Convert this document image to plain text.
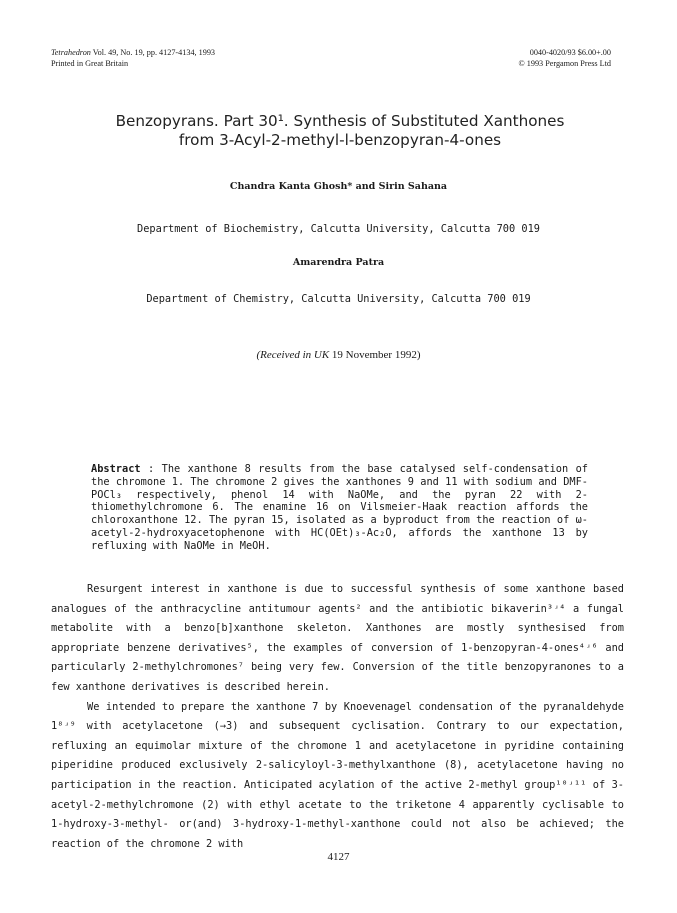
Tetrahedron Vol. 49, No. 19, pp. 4127-4134, 1993
Printed in Great Britain
0040-4020/93 $6.00+.00
© 1993 Pergamon Press Ltd
Benzopyrans. Part 30¹. Synthesis of Substituted Xanthones
from 3-Acyl-2-methyl-l-benzopyran-4-ones
Chandra Kanta Ghosh* and Sirin Sahana
Department of Biochemistry, Calcutta University, Calcutta 700 019
Amarendra Patra
Department of Chemistry, Calcutta University, Calcutta 700 019
(Received in UK 19 November 1992)
Abstract : The xanthone 8 results from the base catalysed self-condensation of the chromone 1. The chromone 2 gives the xanthones 9 and 11 with sodium and DMF-POCl₃ respectively, phenol 14 with NaOMe, and the pyran 22 with 2-thiomethylchromone 6. The enamine 16 on Vilsmeier-Haak reaction affords the chloroxanthone 12. The pyran 15, isolated as a byproduct from the reaction of ω-acetyl-2-hydroxyacetophenone with HC(OEt)₃-Ac₂O, affords the xanthone 13 by refluxing with NaOMe in MeOH.

Resurgent interest in xanthone is due to successful synthesis of some xanthone based analogues of the anthracycline antitumour agents² and the antibiotic bikaverin³ʴ⁴ a fungal metabolite with a benzo[b]xanthone skeleton. Xanthones are mostly synthesised from appropriate benzene derivatives⁵, the examples of conversion of 1-benzopyran-4-ones⁴ʴ⁶ and particularly 2-methylchromones⁷ being very few. Conversion of the title benzopyranones to a few xanthone derivatives is described herein.

We intended to prepare the xanthone 7 by Knoevenagel condensation of the pyranaldehyde 1⁸ʴ⁹ with acetylacetone (→3) and subsequent cyclisation. Contrary to our expectation, refluxing an equimolar mixture of the chromone 1 and acetylacetone in pyridine containing piperidine produced exclusively 2-salicyloyl-3-methylxanthone (8), acetylacetone having no participation in the reaction. Anticipated acylation of the active 2-methyl group¹⁰ʴ¹¹ of 3-acetyl-2-methylchromone (2) with ethyl acetate to the triketone 4 apparently cyclisable to 1-hydroxy-3-methyl- or(and) 3-hydroxy-1-methyl-xanthone could not also be achieved; the reaction of the chromone 2 with

4127
